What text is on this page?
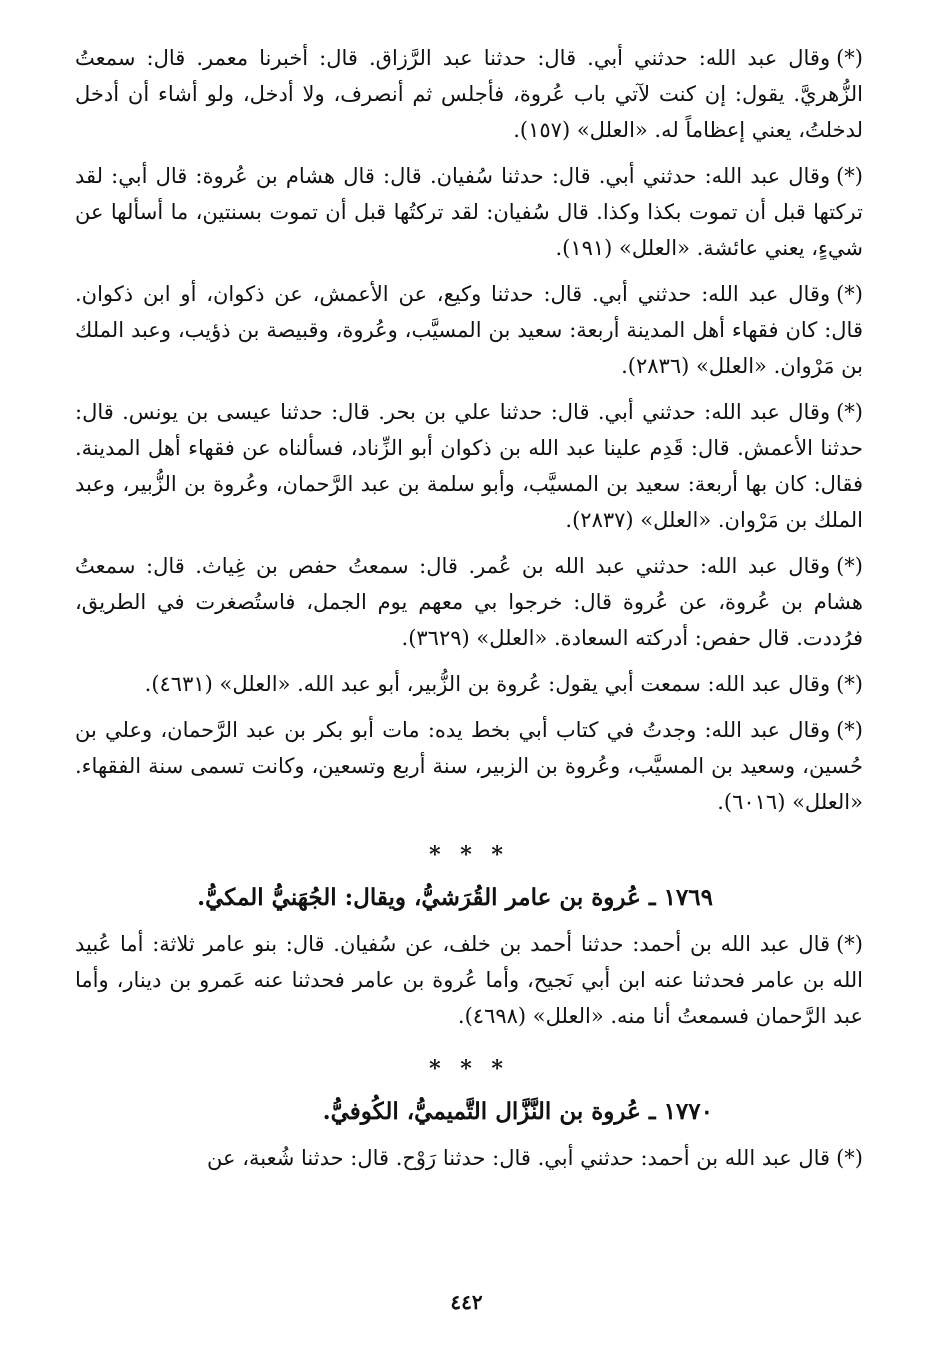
(*)وقال عبد الله: حدثني أبي. قال: حدثنا عبد الرَّزاق. قال: أخبرنا معمر. قال: سمعتُ الزُّهريَّ. يقول: إن كنت لآتي باب عُروة، فأجلس ثم أنصرف، ولا أدخل، ولو أشاء أن أدخل لدخلتُ، يعني إعظاماً له. «العلل» (١٥٧).

(*)وقال عبد الله: حدثني أبي. قال: حدثنا سُفيان. قال: قال هشام بن عُروة: قال أبي: لقد تركتها قبل أن تموت بكذا وكذا. قال سُفيان: لقد تركتُها قبل أن تموت بسنتين، ما أسألها عن شيءٍ، يعني عائشة. «العلل» (١٩١).

(*)وقال عبد الله: حدثني أبي. قال: حدثنا وكيع، عن الأعمش، عن ذكوان، أو ابن ذكوان. قال: كان فقهاء أهل المدينة أربعة: سعيد بن المسيَّب، وعُروة، وقبيصة بن ذؤيب، وعبد الملك بن مَرْوان. «العلل» (٢٨٣٦).

(*)وقال عبد الله: حدثني أبي. قال: حدثنا علي بن بحر. قال: حدثنا عيسى بن يونس. قال: حدثنا الأعمش. قال: قَدِم علينا عبد الله بن ذكوان أبو الزِّناد، فسألناه عن فقهاء أهل المدينة. فقال: كان بها أربعة: سعيد بن المسيَّب، وأبو سلمة بن عبد الرَّحمان، وعُروة بن الزُّبير، وعبد الملك بن مَرْوان. «العلل» (٢٨٣٧).

(*)وقال عبد الله: حدثني عبد الله بن عُمر. قال: سمعتُ حفص بن غِياث. قال: سمعتُ هشام بن عُروة، عن عُروة قال: خرجوا بي معهم يوم الجمل، فاستُصغرت في الطريق، فرُددت. قال حفص: أدركته السعادة. «العلل» (٣٦٢٩).

(*)وقال عبد الله: سمعت أبي يقول: عُروة بن الزُّبير، أبو عبد الله. «العلل» (٤٦٣١).

(*)وقال عبد الله: وجدتُ في كتاب أبي بخط يده: مات أبو بكر بن عبد الرَّحمان، وعلي بن حُسين، وسعيد بن المسيَّب، وعُروة بن الزبير، سنة أربع وتسعين، وكانت تسمى سنة الفقهاء. «العلل» (٦٠١٦).

* * *
١٧٦٩ ـ عُروة بن عامر القُرَشيُّ، ويقال: الجُهَنيُّ المكيُّ.

(*)قال عبد الله بن أحمد: حدثنا أحمد بن خلف، عن سُفيان. قال: بنو عامر ثلاثة: أما عُبيد الله بن عامر فحدثنا عنه ابن أبي نَجيح، وأما عُروة بن عامر فحدثنا عنه عَمرو بن دينار، وأما عبد الرَّحمان فسمعتُ أنا منه. «العلل» (٤٦٩٨).

* * *
١٧٧٠ ـ عُروة بن النَّزَّال التَّميميُّ، الكُوفيُّ.

(*)قال عبد الله بن أحمد: حدثني أبي. قال: حدثنا رَوْح. قال: حدثنا شُعبة، عن

٤٤٢
